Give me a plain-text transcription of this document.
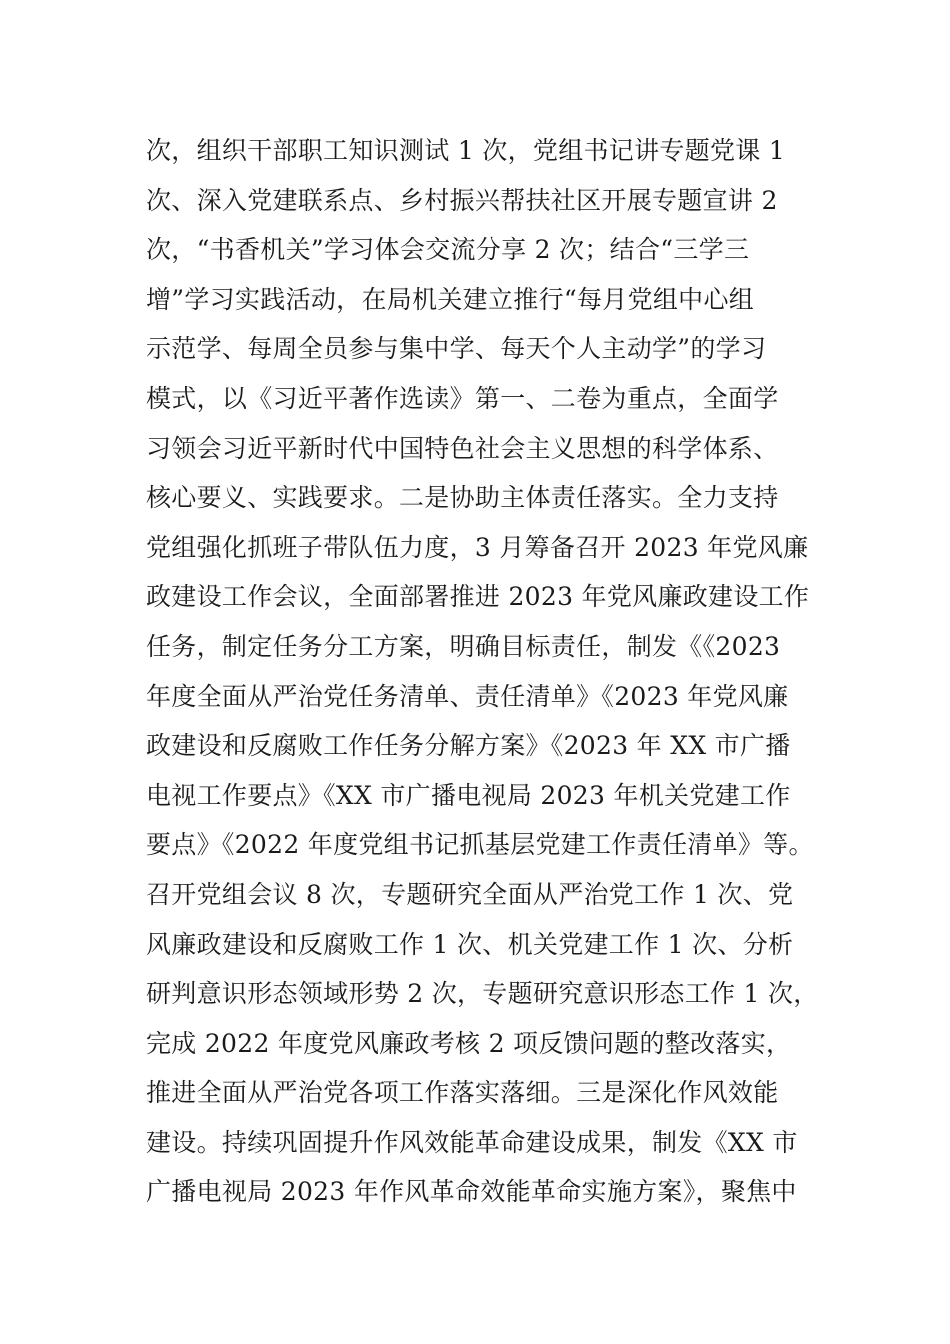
次，组织干部职工知识测试 1 次，党组书记讲专题党课 1
次、深入党建联系点、乡村振兴帮扶社区开展专题宣讲 2
次，“书香机关”学习体会交流分享 2 次；结合“三学三
增”学习实践活动，在局机关建立推行“每月党组中心组
示范学、每周全员参与集中学、每天个人主动学”的学习
模式，以《习近平著作选读》第一、二卷为重点，全面学
习领会习近平新时代中国特色社会主义思想的科学体系、
核心要义、实践要求。二是协助主体责任落实。全力支持
党组强化抓班子带队伍力度，3 月筹备召开 2023 年党风廉
政建设工作会议，全面部署推进 2023 年党风廉政建设工作
任务，制定任务分工方案，明确目标责任，制发《《2023
年度全面从严治党任务清单、责任清单》《2023 年党风廉
政建设和反腐败工作任务分解方案》《2023 年 XX 市广播
电视工作要点》《XX 市广播电视局 2023 年机关党建工作
要点》《2022 年度党组书记抓基层党建工作责任清单》等。
召开党组会议 8 次，专题研究全面从严治党工作 1 次、党
风廉政建设和反腐败工作 1 次、机关党建工作 1 次、分析
研判意识形态领域形势 2 次，专题研究意识形态工作 1 次，
完成 2022 年度党风廉政考核 2 项反馈问题的整改落实，
推进全面从严治党各项工作落实落细。三是深化作风效能
建设。持续巩固提升作风效能革命建设成果，制发《XX 市
广播电视局 2023 年作风革命效能革命实施方案》，聚焦中
